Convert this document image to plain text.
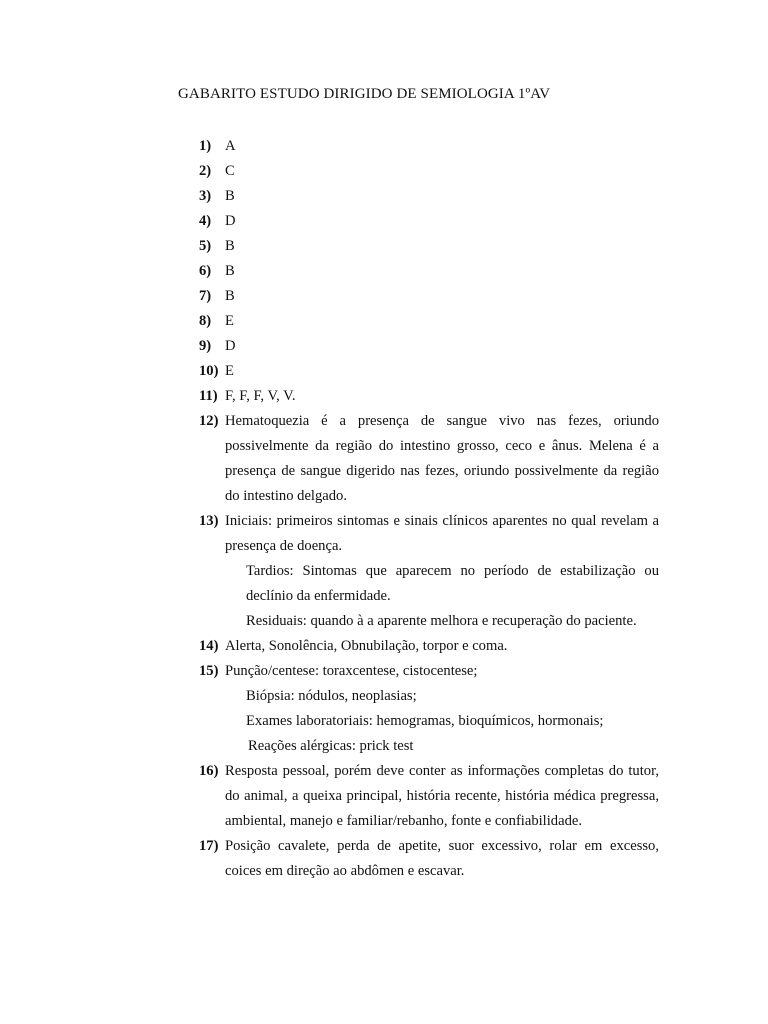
GABARITO ESTUDO DIRIGIDO DE SEMIOLOGIA 1ºAV
1) A
2) C
3) B
4) D
5) B
6) B
7) B
8) E
9) D
10) E
11) F, F, F, V, V.
12) Hematoquezia é a presença de sangue vivo nas fezes, oriundo possivelmente da região do intestino grosso, ceco e ânus. Melena é a presença de sangue digerido nas fezes, oriundo possivelmente da região do intestino delgado.
13) Iniciais: primeiros sintomas e sinais clínicos aparentes no qual revelam a presença de doença.
Tardios: Sintomas que aparecem no período de estabilização ou declínio da enfermidade.
Residuais: quando à a aparente melhora e recuperação do paciente.
14) Alerta, Sonolência, Obnubilação, torpor e coma.
15) Punção/centese: toraxcentese, cistocentese;
Biópsia: nódulos, neoplasias;
Exames laboratoriais: hemogramas, bioquímicos, hormonais;
Reações alérgicas: prick test
16) Resposta pessoal, porém deve conter as informações completas do tutor, do animal, a queixa principal, história recente, história médica pregressa, ambiental, manejo e familiar/rebanho, fonte e confiabilidade.
17) Posição cavalete, perda de apetite, suor excessivo, rolar em excesso, coices em direção ao abdômen e escavar.
